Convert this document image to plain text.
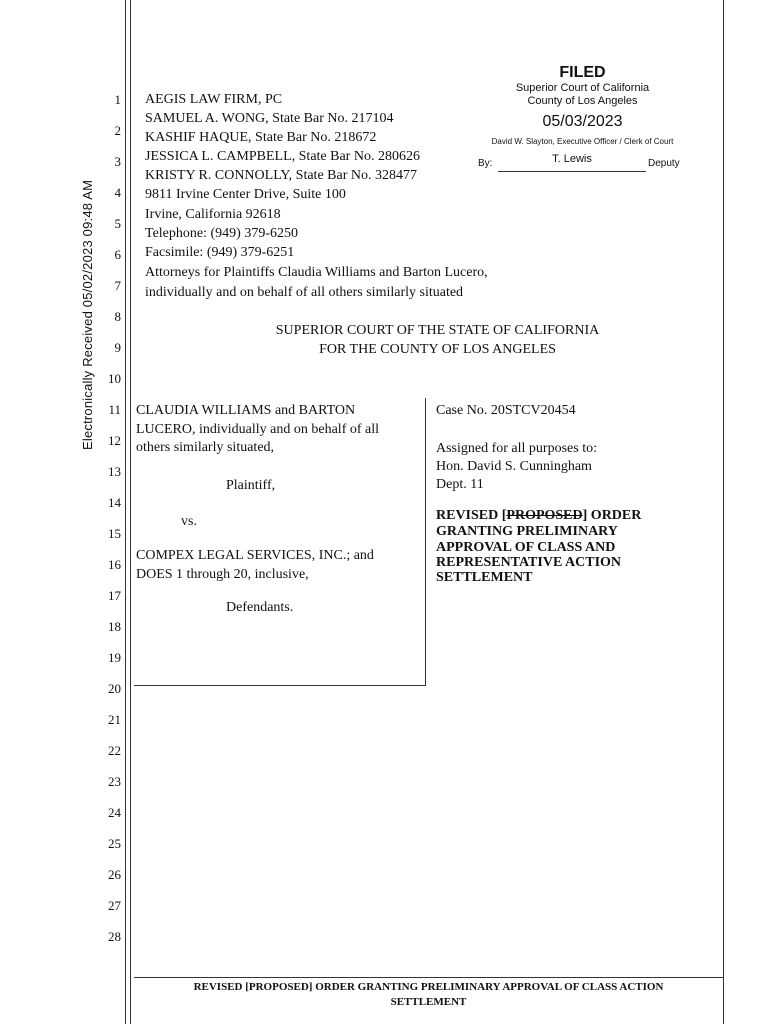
Electronically Received 05/02/2023 09:48 AM
1
2
3
4
5
6
7
8
9
10
11
12
13
14
15
16
17
18
19
20
21
22
23
24
25
26
27
28
FILED
Superior Court of California
County of Los Angeles
05/03/2023
David W. Slayton, Executive Officer / Clerk of Court
By:	T. Lewis	Deputy
AEGIS LAW FIRM, PC
SAMUEL A. WONG, State Bar No. 217104
KASHIF HAQUE, State Bar No. 218672
JESSICA L. CAMPBELL, State Bar No. 280626
KRISTY R. CONNOLLY, State Bar No. 328477
9811 Irvine Center Drive, Suite 100
Irvine, California 92618
Telephone: (949) 379-6250
Facsimile: (949) 379-6251
Attorneys for Plaintiffs Claudia Williams and Barton Lucero,
individually and on behalf of all others similarly situated
SUPERIOR COURT OF THE STATE OF CALIFORNIA
FOR THE COUNTY OF LOS ANGELES
CLAUDIA WILLIAMS and BARTON
LUCERO, individually and on behalf of all
others similarly situated,
Plaintiff,
vs.
COMPEX LEGAL SERVICES, INC.; and
DOES 1 through 20, inclusive,
Defendants.
Case No. 20STCV20454
Assigned for all purposes to:
Hon. David S. Cunningham
Dept. 11
REVISED [PROPOSED] ORDER
GRANTING PRELIMINARY
APPROVAL OF CLASS AND
REPRESENTATIVE ACTION
SETTLEMENT
REVISED [PROPOSED] ORDER GRANTING PRELIMINARY APPROVAL OF CLASS ACTION
SETTLEMENT
